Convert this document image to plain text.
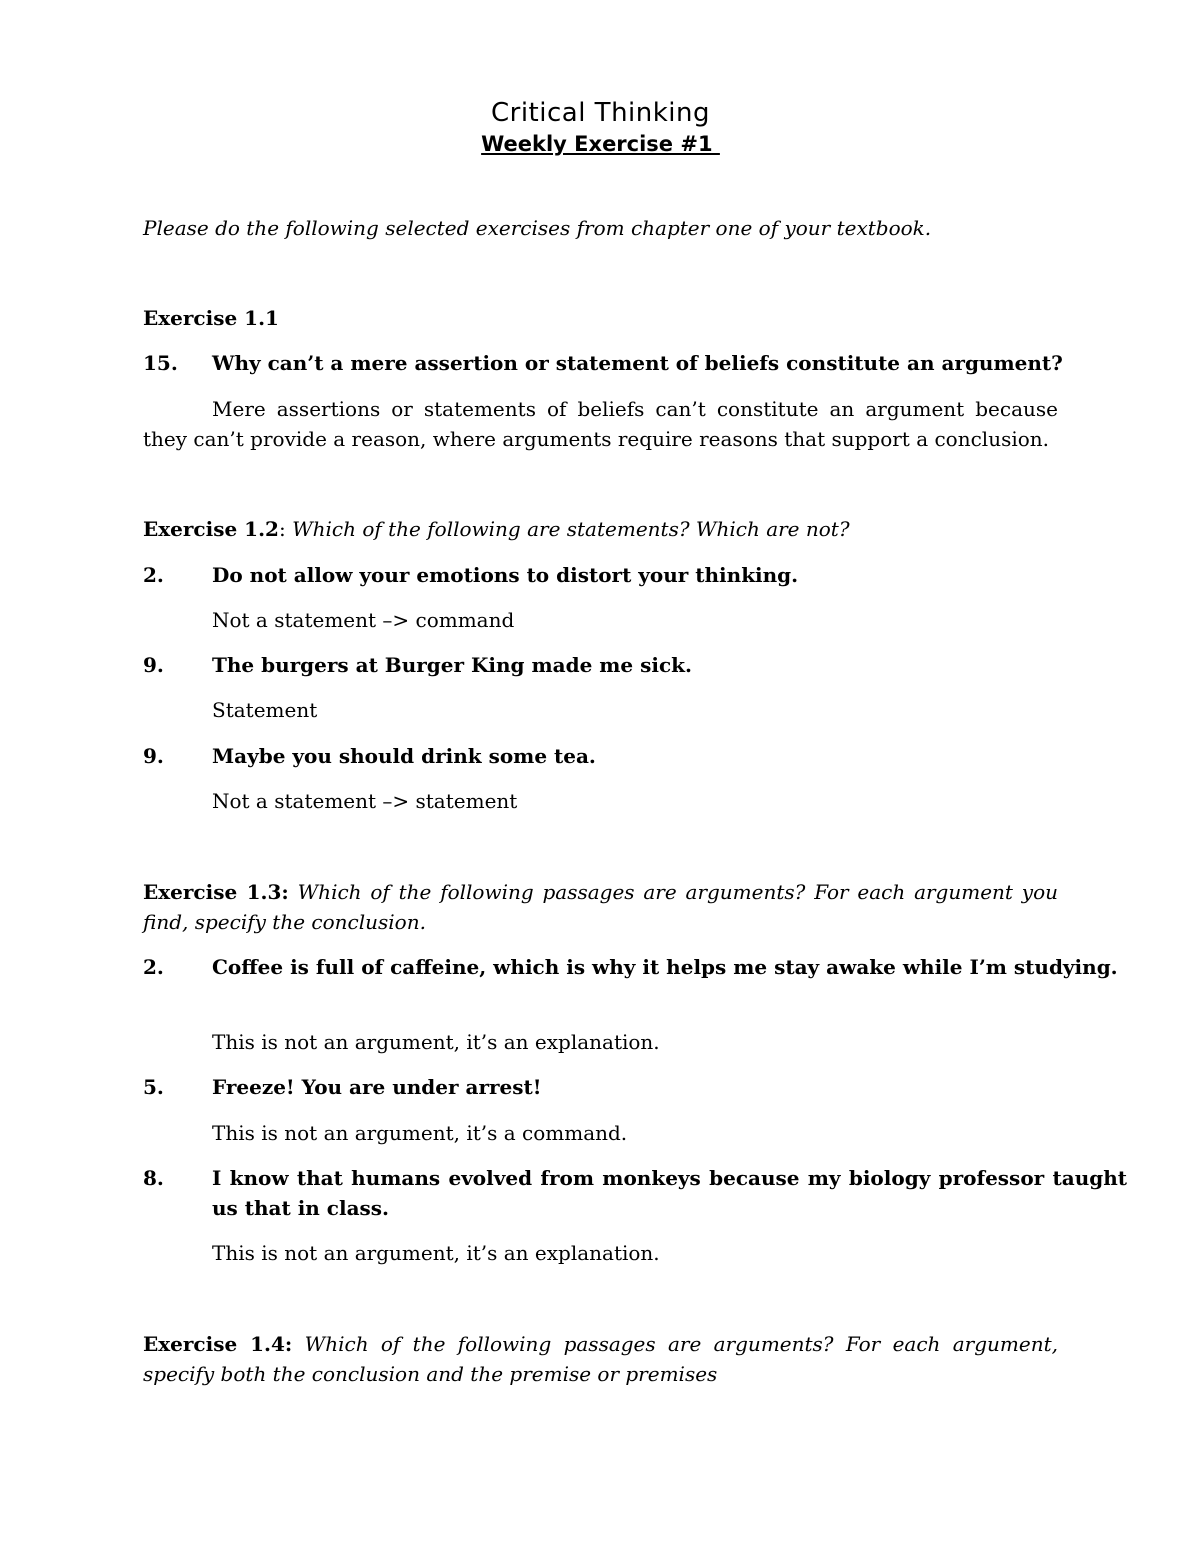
Critical Thinking
Weekly Exercise #1
Please do the following selected exercises from chapter one of your textbook.
Exercise 1.1
15. Why can’t a mere assertion or statement of beliefs constitute an argument?
Mere assertions or statements of beliefs can’t constitute an argument because they can’t provide a reason, where arguments require reasons that support a conclusion.
Exercise 1.2: Which of the following are statements? Which are not?
2. Do not allow your emotions to distort your thinking.
Not a statement –> command
9. The burgers at Burger King made me sick.
Statement
9. Maybe you should drink some tea.
Not a statement –> statement
Exercise 1.3: Which of the following passages are arguments? For each argument you find, specify the conclusion.
2. Coffee is full of caffeine, which is why it helps me stay awake while I’m studying.
This is not an argument, it’s an explanation.
5. Freeze! You are under arrest!
This is not an argument, it’s a command.
8. I know that humans evolved from monkeys because my biology professor taught us that in class.
This is not an argument, it’s an explanation.
Exercise 1.4: Which of the following passages are arguments? For each argument, specify both the conclusion and the premise or premises
